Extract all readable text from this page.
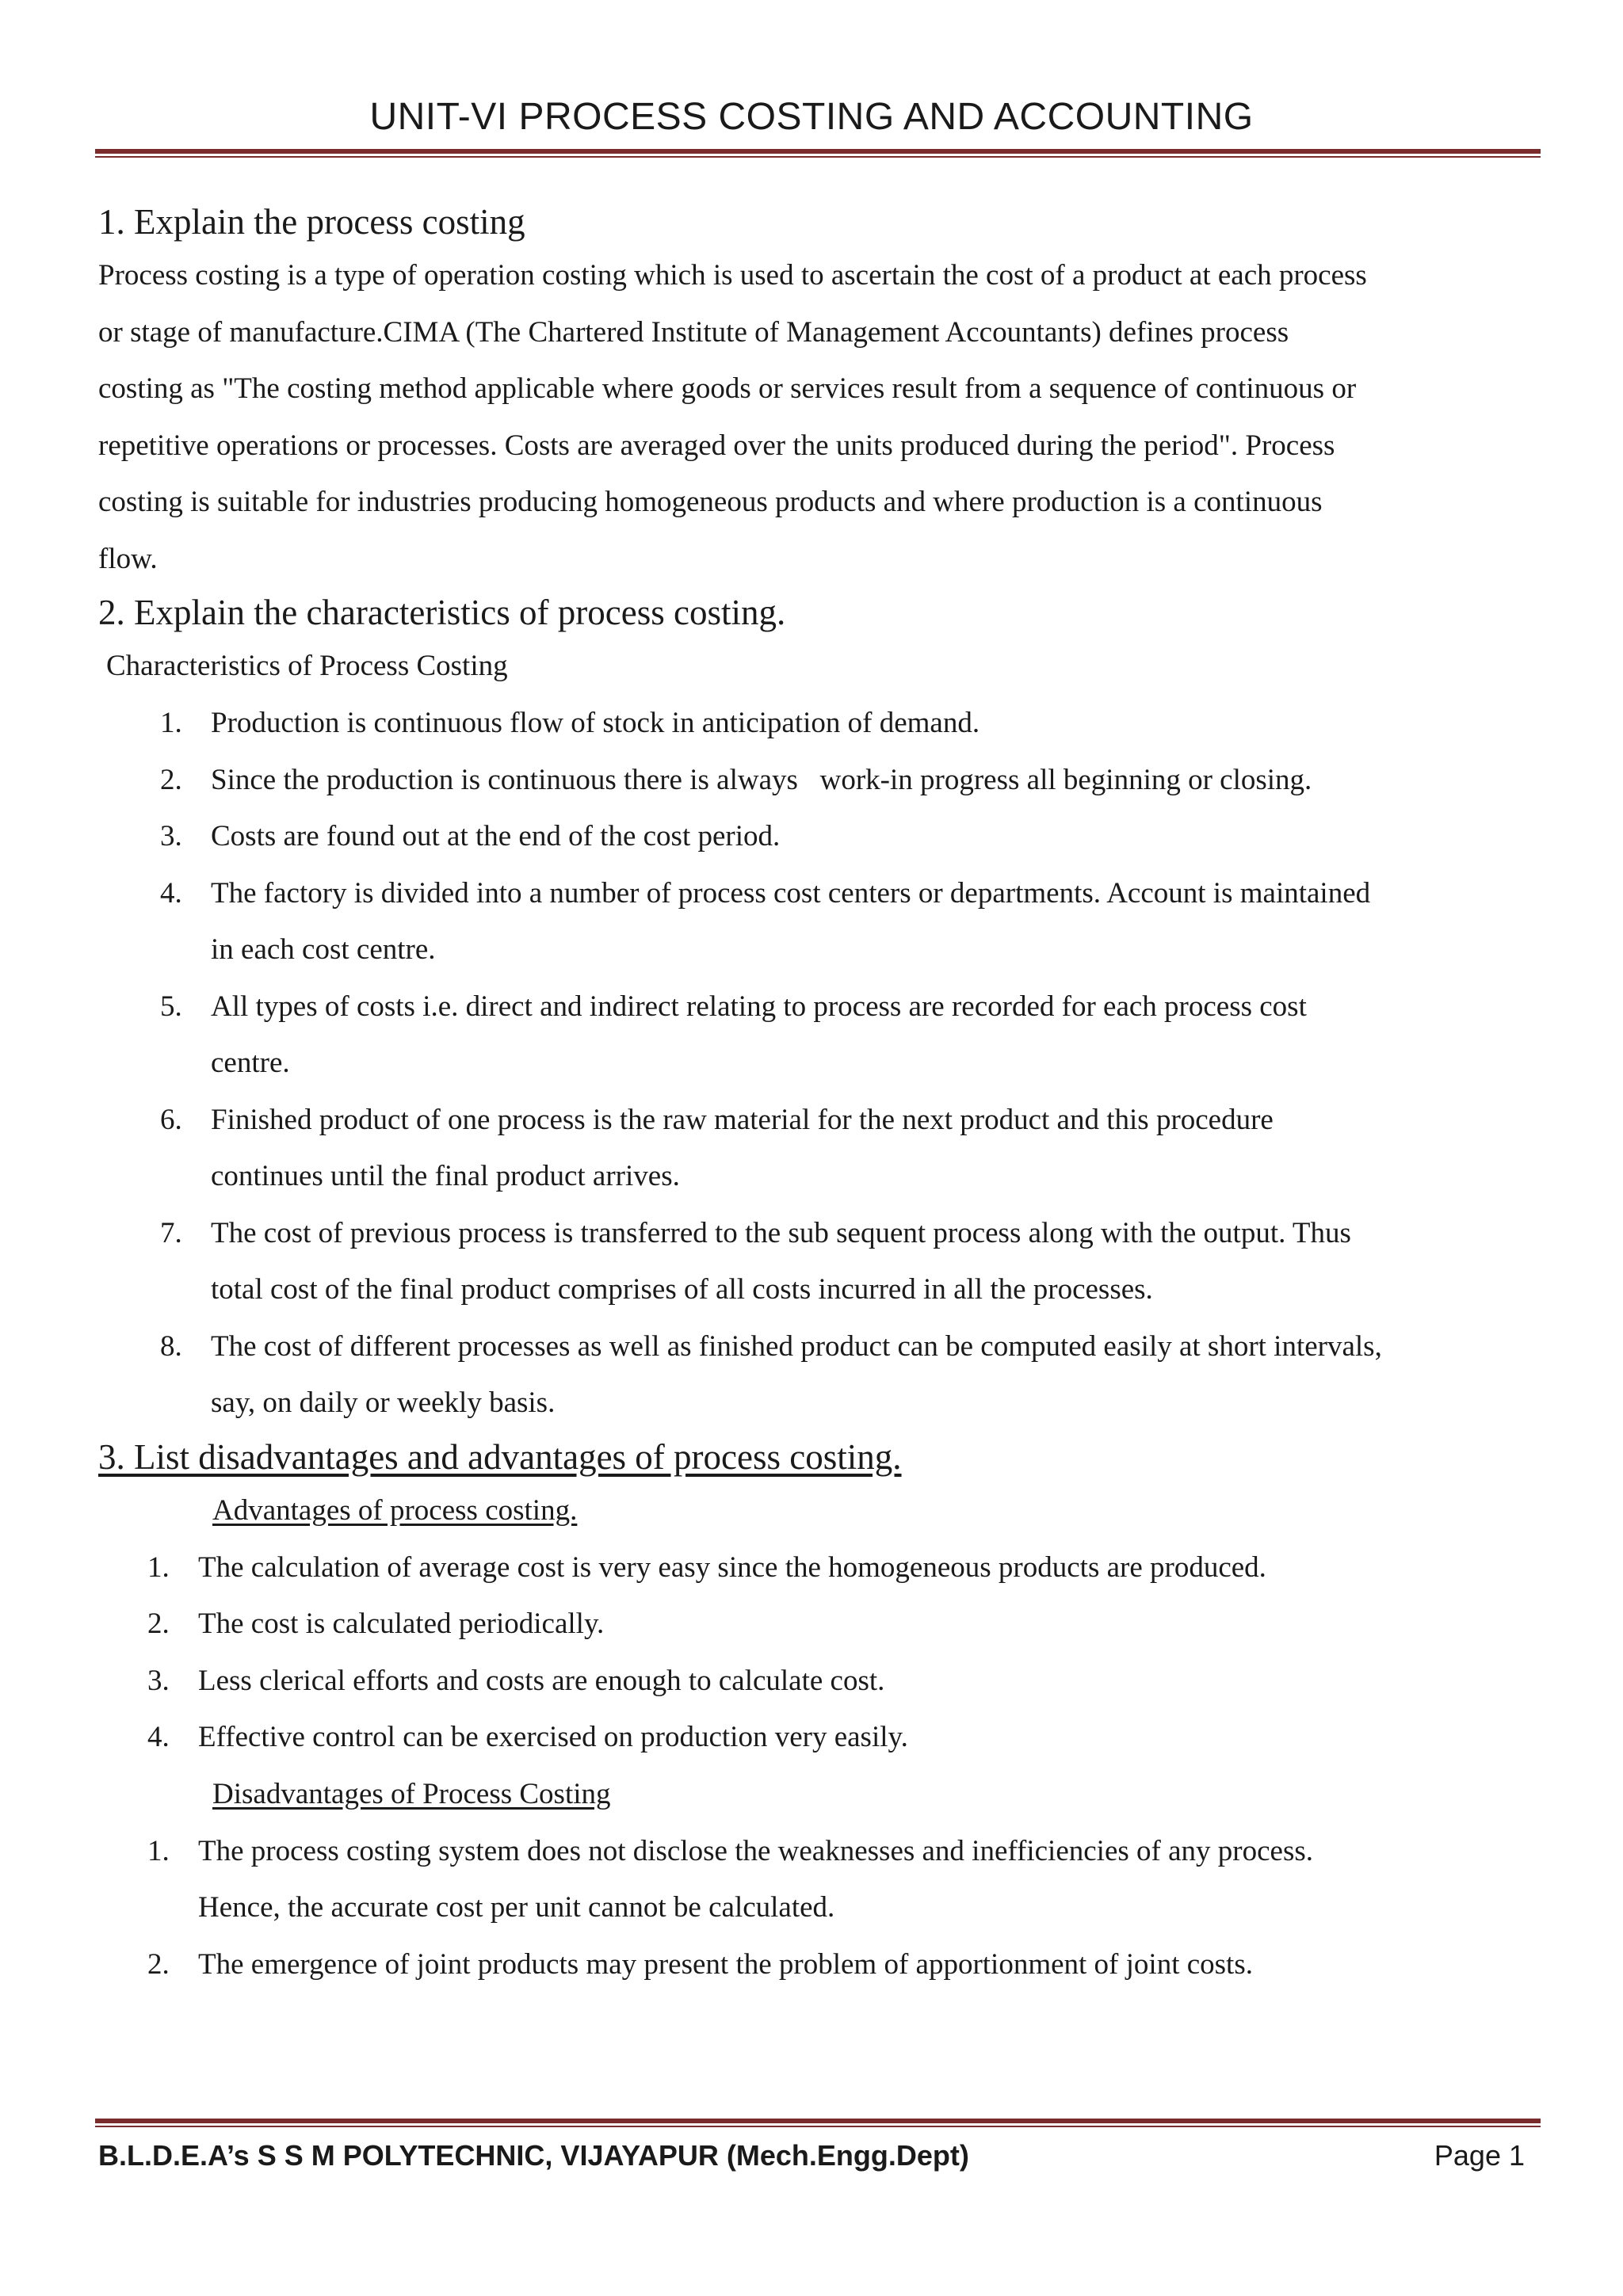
UNIT-VI PROCESS COSTING AND ACCOUNTING
1. Explain the process costing

Process costing is a type of operation costing which is used to ascertain the cost of a product at each process

or stage of manufacture.CIMA (The Chartered Institute of Management Accountants) defines process

costing as "The costing method applicable where goods or services result from a sequence of continuous or

repetitive operations or processes. Costs are averaged over the units produced during the period". Process

costing is suitable for industries producing homogeneous products and where production is a continuous

flow.

2. Explain the characteristics of process costing.
Characteristics of Process Costing
1. Production is continuous flow of stock in anticipation of demand.
2. Since the production is continuous there is always   work-in progress all beginning or closing.
3. Costs are found out at the end of the cost period.
4. The factory is divided into a number of process cost centers or departments. Account is maintained
in each cost centre.
5. All types of costs i.e. direct and indirect relating to process are recorded for each process cost
centre.
6. Finished product of one process is the raw material for the next product and this procedure
continues until the final product arrives.
7. The cost of previous process is transferred to the sub sequent process along with the output. Thus
total cost of the final product comprises of all costs incurred in all the processes.
8. The cost of different processes as well as finished product can be computed easily at short intervals,
say, on daily or weekly basis.
3. List disadvantages and advantages of process costing.
Advantages of process costing.
1. The calculation of average cost is very easy since the homogeneous products are produced.
2. The cost is calculated periodically.
3. Less clerical efforts and costs are enough to calculate cost.
4. Effective control can be exercised on production very easily.
Disadvantages of Process Costing
1. The process costing system does not disclose the weaknesses and inefficiencies of any process.
Hence, the accurate cost per unit cannot be calculated.
2. The emergence of joint products may present the problem of apportionment of joint costs.
B.L.D.E.A’s S S M POLYTECHNIC, VIJAYAPUR (Mech.Engg.Dept)	Page 1
